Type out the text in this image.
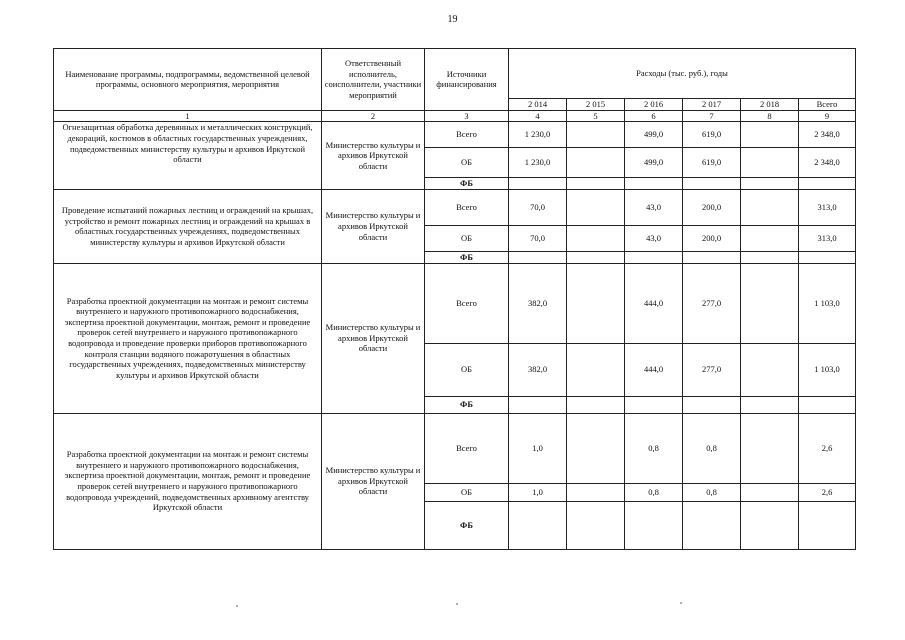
19
Наименование программы, подпрограммы, ведомственной целевой программы, основного мероприятия, мероприятия	Ответственный исполнитель, соисполнители, участники мероприятий	Источники финансирования	Расходы (тыс. руб.), годы					
			2 014	2 015	2 016	2 017	2 018	Всего
1	2	3	4	5	6	7	8	9
Огнезащитная обработка деревянных и металлических конструкций, декораций, костюмов в областных государственных учреждениях, подведомственных министерству культуры и архивов Иркутской области	Министерство культуры и архивов Иркутской области	Всего	1 230,0		499,0	619,0		2 348,0
		ОБ	1 230,0		499,0	619,0		2 348,0
		ФБ						
Проведение испытаний пожарных лестниц и ограждений на крышах, устройство и ремонт пожарных лестниц и ограждений на крышах в областных государственных учреждениях, подведомственных министерству культуры и архивов Иркутской области	Министерство культуры и архивов Иркутской области	Всего	70,0		43,0	200,0		313,0
		ОБ	70,0		43,0	200,0		313,0
		ФБ						
Разработка проектной документации на монтаж и ремонт системы внутреннего и наружного противопожарного водоснабжения, экспертиза проектной документации, монтаж, ремонт и проведение проверок сетей внутреннего и наружного противопожарного водопровода и проведение проверки приборов противопожарного контроля станции водяного пожаротушения в областных государственных учреждениях, подведомственных министерству культуры и архивов Иркутской области	Министерство культуры и архивов Иркутской области	Всего	382,0		444,0	277,0		1 103,0
		ОБ	382,0		444,0	277,0		1 103,0
		ФБ						
Разработка проектной документации на монтаж и ремонт системы внутреннего и наружного противопожарного водоснабжения, экспертиза проектной документации, монтаж, ремонт и проведение проверок сетей внутреннего и наружного противопожарного водопровода учреждений, подведомственных архивному агентству Иркутской области	Министерство культуры и архивов Иркутской области	Всего	1,0		0,8	0,8		2,6
		ОБ	1,0		0,8	0,8		2,6
		ФБ						
